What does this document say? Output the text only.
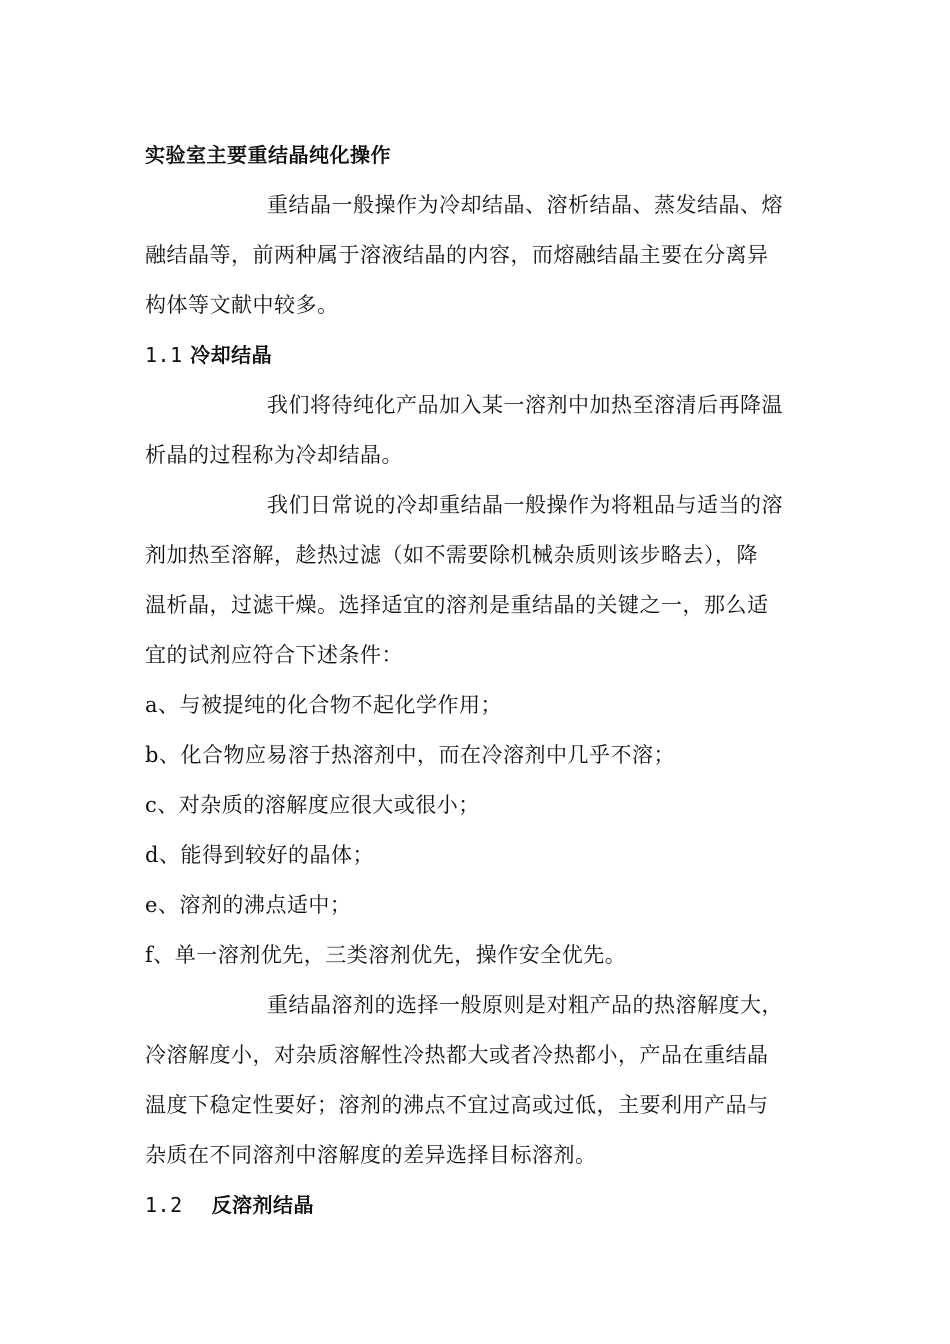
实验室主要重结晶纯化操作
重结晶一般操作为冷却结晶、溶析结晶、蒸发结晶、熔
融结晶等，前两种属于溶液结晶的内容，而熔融结晶主要在分离异
构体等文献中较多。
1.1 冷却结晶
我们将待纯化产品加入某一溶剂中加热至溶清后再降温
析晶的过程称为冷却结晶。
我们日常说的冷却重结晶一般操作为将粗品与适当的溶
剂加热至溶解，趁热过滤（如不需要除机械杂质则该步略去），降
温析晶，过滤干燥。选择适宜的溶剂是重结晶的关键之一，那么适
宜的试剂应符合下述条件：
a、与被提纯的化合物不起化学作用；
b、化合物应易溶于热溶剂中，而在冷溶剂中几乎不溶；
c、对杂质的溶解度应很大或很小；
d、能得到较好的晶体；
e、溶剂的沸点适中；
f、单一溶剂优先，三类溶剂优先，操作安全优先。
重结晶溶剂的选择一般原则是对粗产品的热溶解度大，
冷溶解度小，对杂质溶解性冷热都大或者冷热都小，产品在重结晶
温度下稳定性要好；溶剂的沸点不宜过高或过低，主要利用产品与
杂质在不同溶剂中溶解度的差异选择目标溶剂。
1.2 反溶剂结晶
